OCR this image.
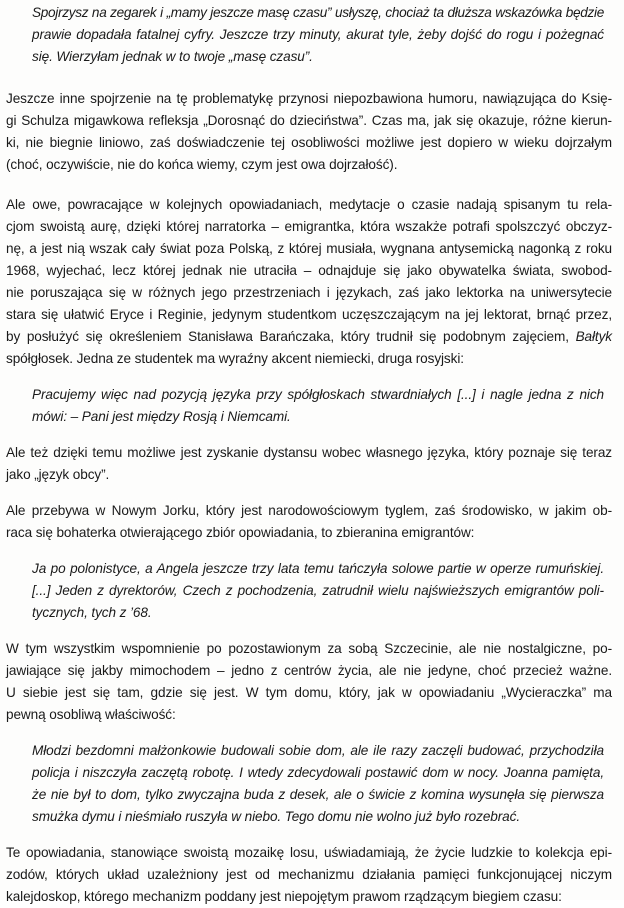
Spojrzysz na zegarek i „mamy jeszcze masę czasu” usłyszę, chociaż ta dłuższa wskazówka będzie
prawie dopadała fatalnej cyfry. Jeszcze trzy minuty, akurat tyle, żeby dojść do rogu i pożegnać
się. Wierzyłam jednak w to twoje „masę czasu”.
Jeszcze inne spojrzenie na tę problematykę przynosi niepozbawiona humoru, nawiązująca do Księ-
gi Schulza migawkowa refleksja „Dorosnąć do dzieciństwa”. Czas ma, jak się okazuje, różne kierun-
ki, nie biegnie liniowo, zaś doświadczenie tej osobliwości możliwe jest dopiero w wieku dojrzałym
(choć, oczywiście, nie do końca wiemy, czym jest owa dojrzałość).
Ale owe, powracające w kolejnych opowiadaniach, medytacje o czasie nadają spisanym tu rela-
cjom swoistą aurę, dzięki której narratorka – emigrantka, która wszakże potrafi spolszczyć obczyz-
nę, a jest nią wszak cały świat poza Polską, z której musiała, wygnana antysemicką nagonką z roku
1968, wyjechać, lecz której jednak nie utraciła – odnajduje się jako obywatelka świata, swobod-
nie poruszająca się w różnych jego przestrzeniach i językach, zaś jako lektorka na uniwersytecie
stara się ułatwić Eryce i Reginie, jedynym studentkom uczęszczającym na jej lektorat, brnąć przez,
by posłużyć się określeniem Stanisława Barańczaka, który trudnił się podobnym zajęciem, Bałtyk
spółgłosek. Jedna ze studentek ma wyraźny akcent niemiecki, druga rosyjski:
Pracujemy więc nad pozycją języka przy spółgłoskach stwardniałych [...] i nagle jedna z nich
mówi: – Pani jest między Rosją i Niemcami.
Ale też dzięki temu możliwe jest zyskanie dystansu wobec własnego języka, który poznaje się teraz
jako „język obcy”.
Ale przebywa w Nowym Jorku, który jest narodowościowym tyglem, zaś środowisko, w jakim ob-
raca się bohaterka otwierającego zbiór opowiadania, to zbieranina emigrantów:
Ja po polonistyce, a Angela jeszcze trzy lata temu tańczyła solowe partie w operze rumuńskiej.
[...] Jeden z dyrektorów, Czech z pochodzenia, zatrudnił wielu najświeższych emigrantów poli-
tycznych, tych z ’68.
W tym wszystkim wspomnienie po pozostawionym za sobą Szczecinie, ale nie nostalgiczne, po-
jawiające się jakby mimochodem – jedno z centrów życia, ale nie jedyne, choć przecież ważne.
U siebie jest się tam, gdzie się jest. W tym domu, który, jak w opowiadaniu „Wycieraczka” ma
pewną osobliwą właściwość:
Młodzi bezdomni małżonkowie budowali sobie dom, ale ile razy zaczęli budować, przychodziła
policja i niszczyła zaczętą robotę. I wtedy zdecydowali postawić dom w nocy. Joanna pamięta,
że nie był to dom, tylko zwyczajna buda z desek, ale o świcie z komina wysunęła się pierwsza
smużka dymu i nieśmiało ruszyła w niebo. Tego domu nie wolno już było rozebrać.
Te opowiadania, stanowiące swoistą mozaikę losu, uświadamiają, że życie ludzkie to kolekcja epi-
zodów, których układ uzależniony jest od mechanizmu działania pamięci funkcjonującej niczym
kalejdoskop, którego mechanizm poddany jest niepojętym prawom rządzącym biegiem czasu:
